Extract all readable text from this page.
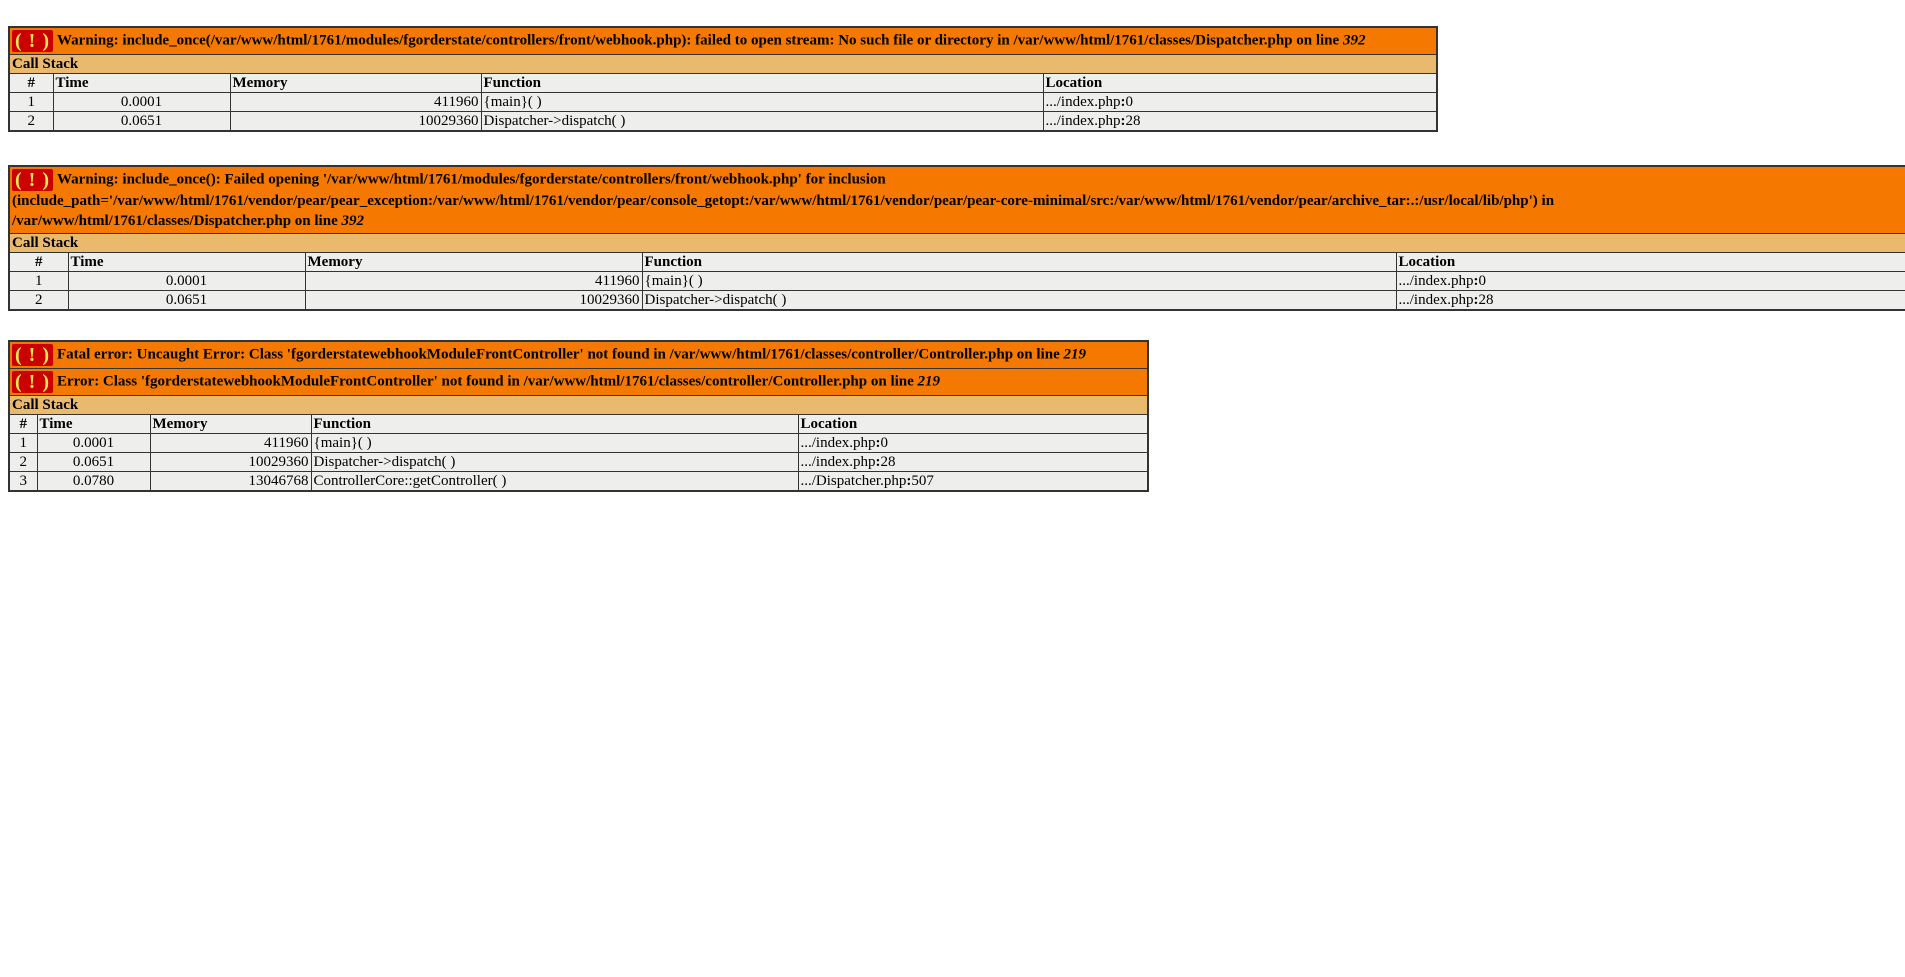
( ! ) Warning: include_once(/var/www/html/1761/modules/fgorderstate/controllers/front/webhook.php): failed to open stream: No such file or directory in /var/www/html/1761/classes/Dispatcher.php on line 392				
Call Stack				
#	Time	Memory	Function	Location
1	0.0001	411960	{main}( )	.../index.php:0
2	0.0651	10029360	Dispatcher->dispatch( )	.../index.php:28
( ! ) Warning: include_once(): Failed opening '/var/www/html/1761/modules/fgorderstate/controllers/front/webhook.php' for inclusion
(include_path='/var/www/html/1761/vendor/pear/pear_exception:/var/www/html/1761/vendor/pear/console_getopt:/var/www/html/1761/vendor/pear/pear-core-minimal/src:/var/www/html/1761/vendor/pear/archive_tar:.:/usr/local/lib/php') in
/var/www/html/1761/classes/Dispatcher.php on line 392				
Call Stack				
#	Time	Memory	Function	Location
1	0.0001	411960	{main}( )	.../index.php:0
2	0.0651	10029360	Dispatcher->dispatch( )	.../index.php:28
( ! ) Fatal error: Uncaught Error: Class 'fgorderstatewebhookModuleFrontController' not found in /var/www/html/1761/classes/controller/Controller.php on line 219				
( ! ) Error: Class 'fgorderstatewebhookModuleFrontController' not found in /var/www/html/1761/classes/controller/Controller.php on line 219				
Call Stack				
#	Time	Memory	Function	Location
1	0.0001	411960	{main}( )	.../index.php:0
2	0.0651	10029360	Dispatcher->dispatch( )	.../index.php:28
3	0.0780	13046768	ControllerCore::getController( )	.../Dispatcher.php:507
